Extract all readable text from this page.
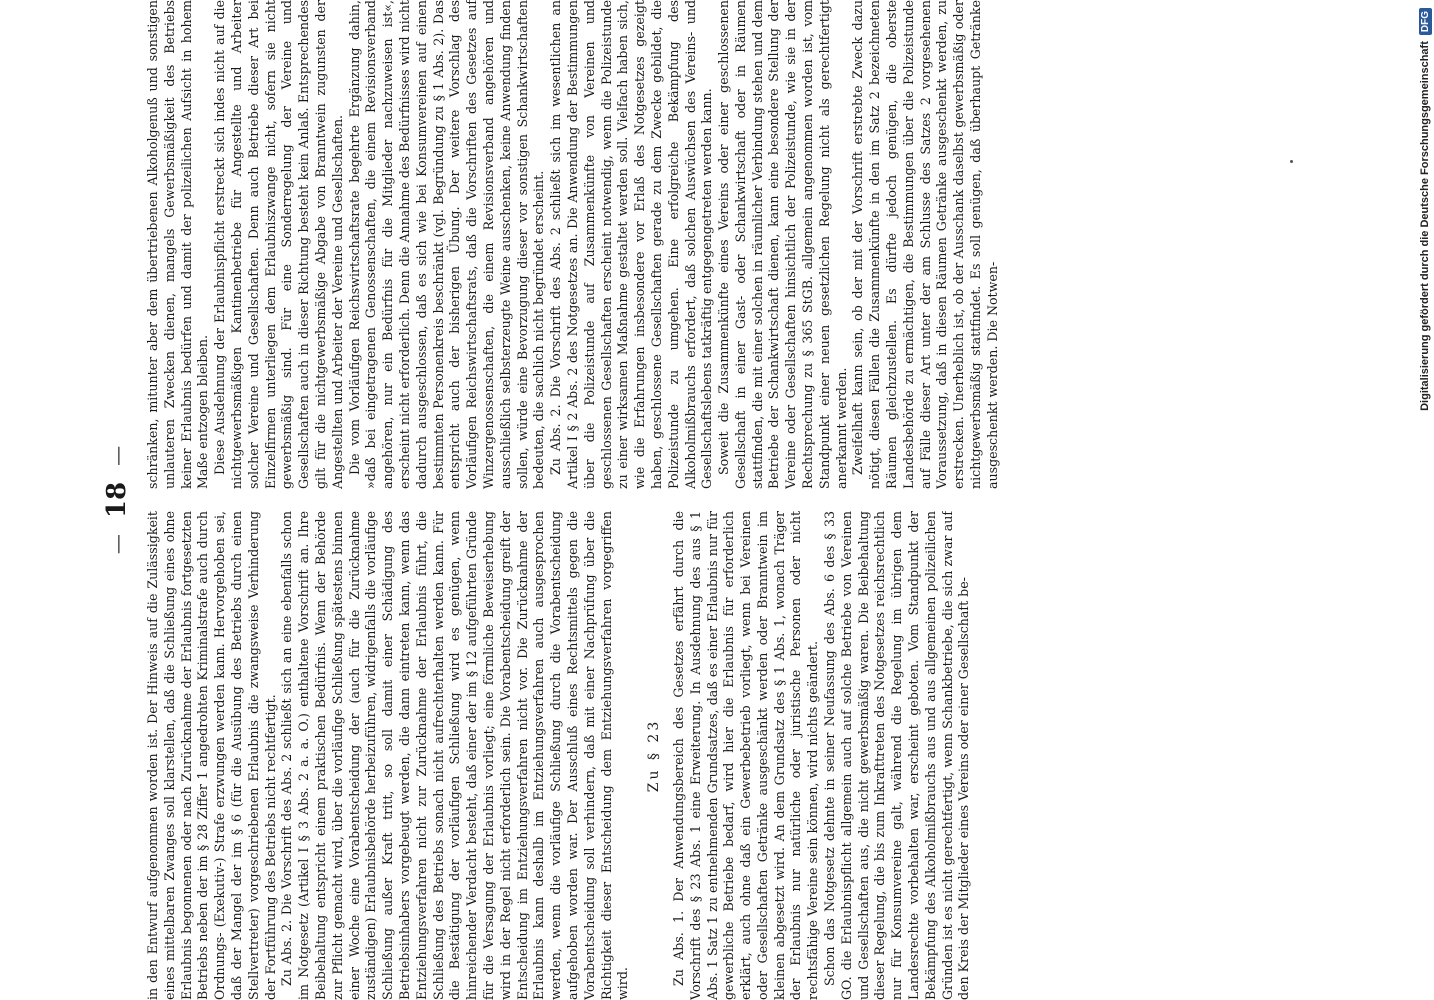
—
18
—

in den Entwurf aufgenommen worden ist. Der Hinweis auf die Zulässigkeit eines mittelbaren Zwanges soll klarstellen, daß die Schließung eines ohne Erlaubnis begonnenen oder nach Zurücknahme der Erlaubnis fortgesetzten Betriebs neben der im § 28 Ziffer 1 angedrohten Kriminalstrafe auch durch Ordnungs- (Exekutiv-) Strafe erzwungen werden kann. Hervorgehoben sei, daß der Mangel der im § 6 (für die Ausübung des Betriebs durch einen Stellvertreter) vorgeschriebenen Erlaubnis die zwangsweise Verhinderung der Fortführung des Betriebs nicht rechtfertigt. Zu Abs. 2. Die Vorschrift des Abs. 2 schließt sich an eine ebenfalls schon im Notgesetz (Artikel I § 3 Abs. 2 a. a. O.) enthaltene Vorschrift an. Ihre Beibehaltung entspricht einem praktischen Bedürfnis. Wenn der Behörde zur Pflicht gemacht wird, über die vorläufige Schließung spätestens binnen einer Woche eine Vorabentscheidung der (auch für die Zurücknahme zuständigen) Erlaubnisbehörde herbeizuführen, widrigenfalls die vorläufige Schließung außer Kraft tritt, so soll damit einer Schädigung des Betriebsinhabers vorgebeugt werden, die dann eintreten kann, wenn das Entziehungsverfahren nicht zur Zurücknahme der Erlaubnis führt, die Schließung des Betriebs sonach nicht aufrechterhalten werden kann. Für die Bestätigung der vorläufigen Schließung wird es genügen, wenn hinreichender Verdacht besteht, daß einer der im § 12 aufgeführten Gründe für die Versagung der Erlaubnis vorliegt; eine förmliche Beweiserhebung wird in der Regel nicht erforderlich sein. Die Vorabentscheidung greift der Entscheidung im Entziehungsverfahren nicht vor. Die Zurücknahme der Erlaubnis kann deshalb im Entziehungsverfahren auch ausgesprochen werden, wenn die vorläufige Schließung durch die Vorabentscheidung aufgehoben worden war. Der Ausschluß eines Rechtsmittels gegen die Vorabentscheidung soll verhindern, daß mit einer Nachprüfung über die Richtigkeit dieser Entscheidung dem Entziehungsverfahren vorgegriffen wird.

Zu § 23 Zu Abs. 1. Der Anwendungsbereich des Gesetzes erfährt durch die Vorschrift des § 23 Abs. 1 eine Erweiterung. In Ausdehnung des aus § 1 Abs. 1 Satz 1 zu entnehmenden Grundsatzes, daß es einer Erlaubnis nur für gewerbliche Betriebe bedarf, wird hier die Erlaubnis für erforderlich erklärt, auch ohne daß ein Gewerbebetrieb vorliegt, wenn bei Vereinen oder Gesellschaften Getränke ausgeschänkt werden oder Branntwein im kleinen abgesetzt wird. An dem Grundsatz des § 1 Abs. 1, wonach Träger der Erlaubnis nur natürliche oder juristische Personen oder nicht rechtsfähige Vereine sein können, wird nichts geändert. Schon das Notgesetz dehnte in seiner Neufassung des Abs. 6 des § 33 GO. die Erlaubnispflicht allgemein auch auf solche Betriebe von Vereinen und Gesellschaften aus, die nicht gewerbsmäßig waren. Die Beibehaltung dieser Regelung, die bis zum Inkrafttreten des Notgesetzes reichsrechtlich nur für Konsumvereine galt, während die Regelung im übrigen dem Landesrechte vorbehalten war, erscheint geboten. Vom Standpunkt der Bekämpfung des Alkoholmißbrauchs aus und aus allgemeinen polizeilichen Gründen ist es nicht gerechtfertigt, wenn Schankbetriebe, die sich zwar auf den Kreis der Mitglieder eines Vereins oder einer Gesellschaft be-

schränken, mitunter aber dem übertriebenen Alkoholgenuß und sonstigen unlauteren Zwecken dienen, mangels Gewerbsmäßigkeit des Betriebs keiner Erlaubnis bedürfen und damit der polizeilichen Aufsicht in hohem Maße entzogen bleiben. Diese Ausdehnung der Erlaubnispflicht erstreckt sich indes nicht auf die nichtgewerbsmäßigen Kantinenbetriebe für Angestellte und Arbeiter solcher Vereine und Gesellschaften. Denn auch Betriebe dieser Art bei Einzelfirmen unterliegen dem Erlaubniszwange nicht, sofern sie nicht gewerbsmäßig sind. Für eine Sonderregelung der Vereine und Gesellschaften auch in dieser Richtung besteht kein Anlaß. Entsprechendes gilt für die nichtgewerbsmäßige Abgabe von Branntwein zugunsten der Angestellten und Arbeiter der Vereine und Gesellschaften. Die vom Vorläufigen Reichswirtschaftsrate begehrte Ergänzung dahin, »daß bei eingetragenen Genossenschaften, die einem Revisionsverband angehören, nur ein Bedürfnis für die Mitglieder nachzuweisen ist«, erscheint nicht erforderlich. Denn die Annahme des Bedürfnisses wird nicht dadurch ausgeschlossen, daß es sich wie bei Konsumvereinen auf einen bestimmten Personenkreis beschränkt (vgl. Begründung zu § 1 Abs. 2). Das entspricht auch der bisherigen Übung. Der weitere Vorschlag des Vorläufigen Reichswirtschaftsrats, daß die Vorschriften des Gesetzes auf Winzergenossenschaften, die einem Revisionsverband angehören und ausschließlich selbsterzeugte Weine ausschenken, keine Anwendung finden sollen, würde eine Bevorzugung dieser vor sonstigen Schankwirtschaften bedeuten, die sachlich nicht begründet erscheint. Zu Abs. 2. Die Vorschrift des Abs. 2 schließt sich im wesentlichen an Artikel I § 2 Abs. 2 des Notgesetzes an. Die Anwendung der Bestimmungen über die Polizeistunde auf Zusammenkünfte von Vereinen und geschlossenen Gesellschaften erscheint notwendig, wenn die Polizeistunde zu einer wirksamen Maßnahme gestaltet werden soll. Vielfach haben sich, wie die Erfahrungen insbesondere vor Erlaß des Notgesetzes gezeigt haben, geschlossene Gesellschaften gerade zu dem Zwecke gebildet, die Polizeistunde zu umgehen. Eine erfolgreiche Bekämpfung des Alkoholmißbrauchs erfordert, daß solchen Auswüchsen des Vereins- und Gesellschaftslebens tatkräftig entgegengetreten werden kann. Soweit die Zusammenkünfte eines Vereins oder einer geschlossenen Gesellschaft in einer Gast- oder Schankwirtschaft oder in Räumen stattfinden, die mit einer solchen in räumlicher Verbindung stehen und dem Betriebe der Schankwirtschaft dienen, kann eine besondere Stellung der Vereine oder Gesellschaften hinsichtlich der Polizeistunde, wie sie in der Rechtsprechung zu § 365 StGB. allgemein angenommen worden ist, vom Standpunkt einer neuen gesetzlichen Regelung nicht als gerechtfertigt anerkannt werden. Zweifelhaft kann sein, ob der mit der Vorschrift erstrebte Zweck dazu nötigt, diesen Fällen die Zusammenkünfte in den im Satz 2 bezeichneten Räumen gleichzustellen. Es dürfte jedoch genügen, die oberste Landesbehörde zu ermächtigen, die Bestimmungen über die Polizeistunde auf Fälle dieser Art unter der am Schlusse des Satzes 2 vorgesehenen Voraussetzung, daß in diesen Räumen Getränke ausgeschenkt werden, zu erstrecken. Unerheblich ist, ob der Ausschank daselbst gewerbsmäßig oder nichtgewerbsmäßig stattfindet. Es soll genügen, daß überhaupt Getränke ausgeschenkt werden. Die Notwen-	Digitalisierung gefördert durch die Deutsche Forschungsgemeinschaft
DFG
